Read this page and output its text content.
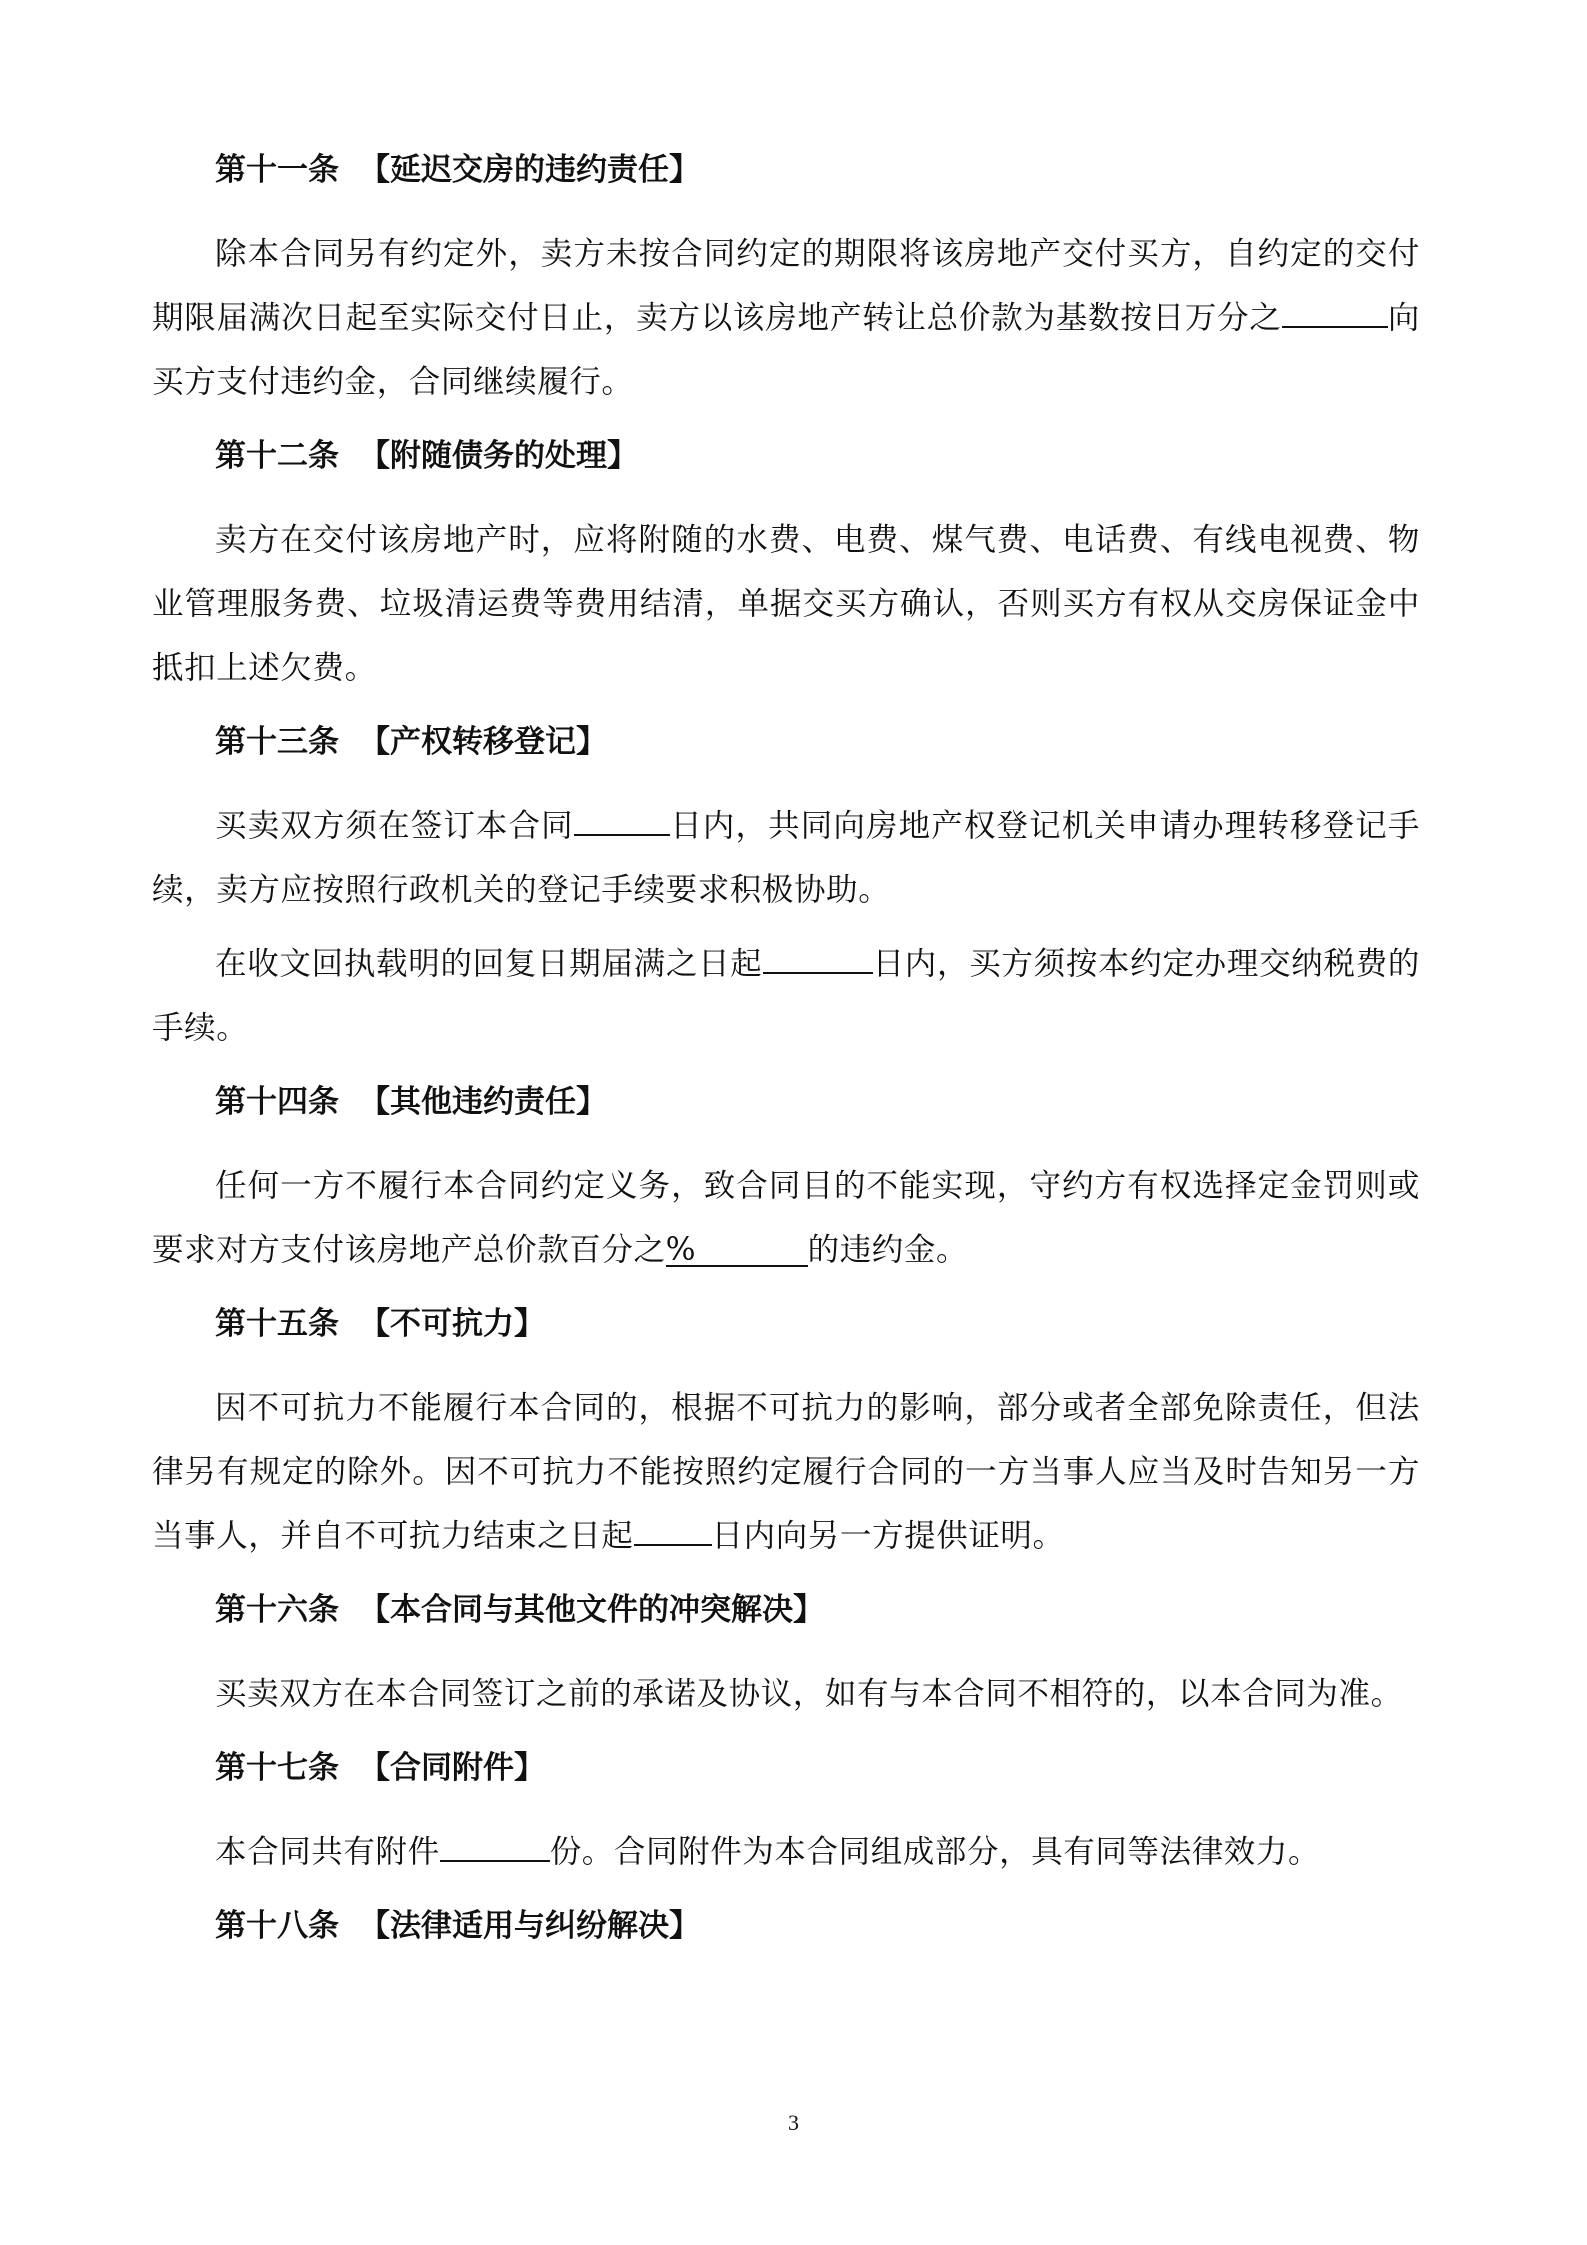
第十一条 【延迟交房的违约责任】

除本合同另有约定外，卖方未按合同约定的期限将该房地产交付买方，自约定的交付期限届满次日起至实际交付日止，卖方以该房地产转让总价款为基数按日万分之	向买方支付违约金，合同继续履行。

第十二条 【附随债务的处理】

卖方在交付该房地产时，应将附随的水费、电费、煤气费、电话费、有线电视费、物业管理服务费、垃圾清运费等费用结清，单据交买方确认，否则买方有权从交房保证金中抵扣上述欠费。

第十三条 【产权转移登记】

买卖双方须在签订本合同	日内，共同向房地产权登记机关申请办理转移登记手续，卖方应按照行政机关的登记手续要求积极协助。

在收文回执载明的回复日期届满之日起	日内，买方须按本约定办理交纳税费的手续。

第十四条 【其他违约责任】

任何一方不履行本合同约定义务，致合同目的不能实现，守约方有权选择定金罚则或要求对方支付该房地产总价款百分之%	的违约金。

第十五条 【不可抗力】

因不可抗力不能履行本合同的，根据不可抗力的影响，部分或者全部免除责任，但法律另有规定的除外。因不可抗力不能按照约定履行合同的一方当事人应当及时告知另一方当事人，并自不可抗力结束之日起 日内向另一方提供证明。

第十六条 【本合同与其他文件的冲突解决】

买卖双方在本合同签订之前的承诺及协议，如有与本合同不相符的，以本合同为准。

第十七条 【合同附件】

本合同共有附件	份。合同附件为本合同组成部分，具有同等法律效力。

第十八条 【法律适用与纠纷解决】
3
